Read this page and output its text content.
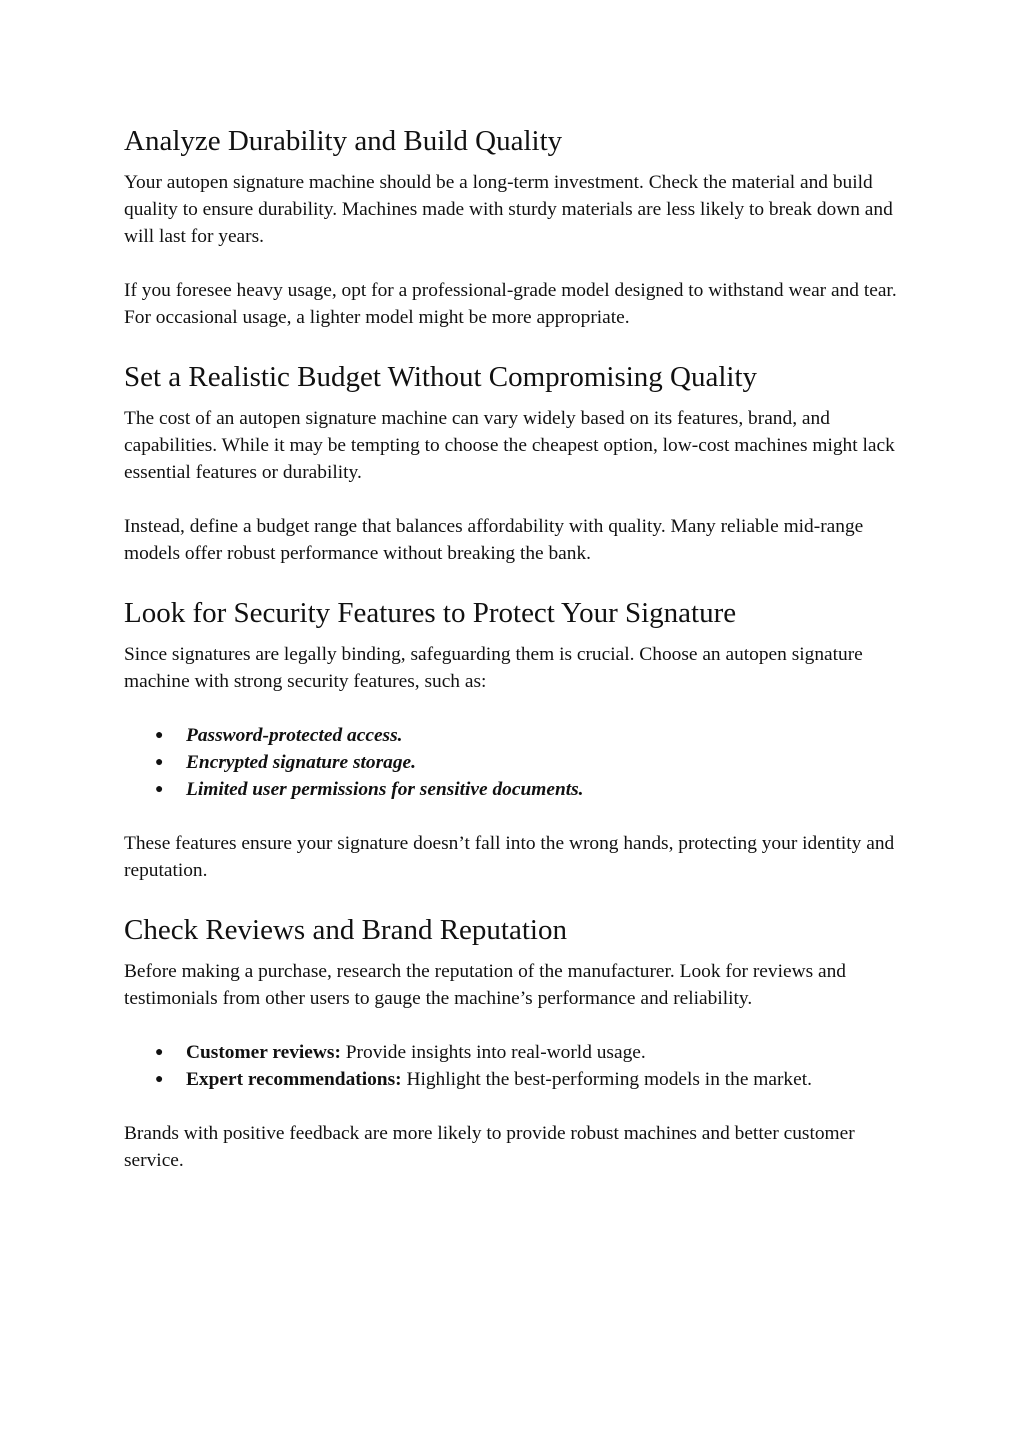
Analyze Durability and Build Quality

Your autopen signature machine should be a long-term investment. Check the material and build quality to ensure durability. Machines made with sturdy materials are less likely to break down and will last for years.

If you foresee heavy usage, opt for a professional-grade model designed to withstand wear and tear. For occasional usage, a lighter model might be more appropriate.

Set a Realistic Budget Without Compromising Quality

The cost of an autopen signature machine can vary widely based on its features, brand, and capabilities. While it may be tempting to choose the cheapest option, low-cost machines might lack essential features or durability.

Instead, define a budget range that balances affordability with quality. Many reliable mid-range models offer robust performance without breaking the bank.

Look for Security Features to Protect Your Signature

Since signatures are legally binding, safeguarding them is crucial. Choose an autopen signature machine with strong security features, such as:

● Password-protected access.
● Encrypted signature storage.
● Limited user permissions for sensitive documents.

These features ensure your signature doesn’t fall into the wrong hands, protecting your identity and reputation.

Check Reviews and Brand Reputation

Before making a purchase, research the reputation of the manufacturer. Look for reviews and testimonials from other users to gauge the machine’s performance and reliability.

● Customer reviews: Provide insights into real-world usage.
● Expert recommendations: Highlight the best-performing models in the market.

Brands with positive feedback are more likely to provide robust machines and better customer service.
